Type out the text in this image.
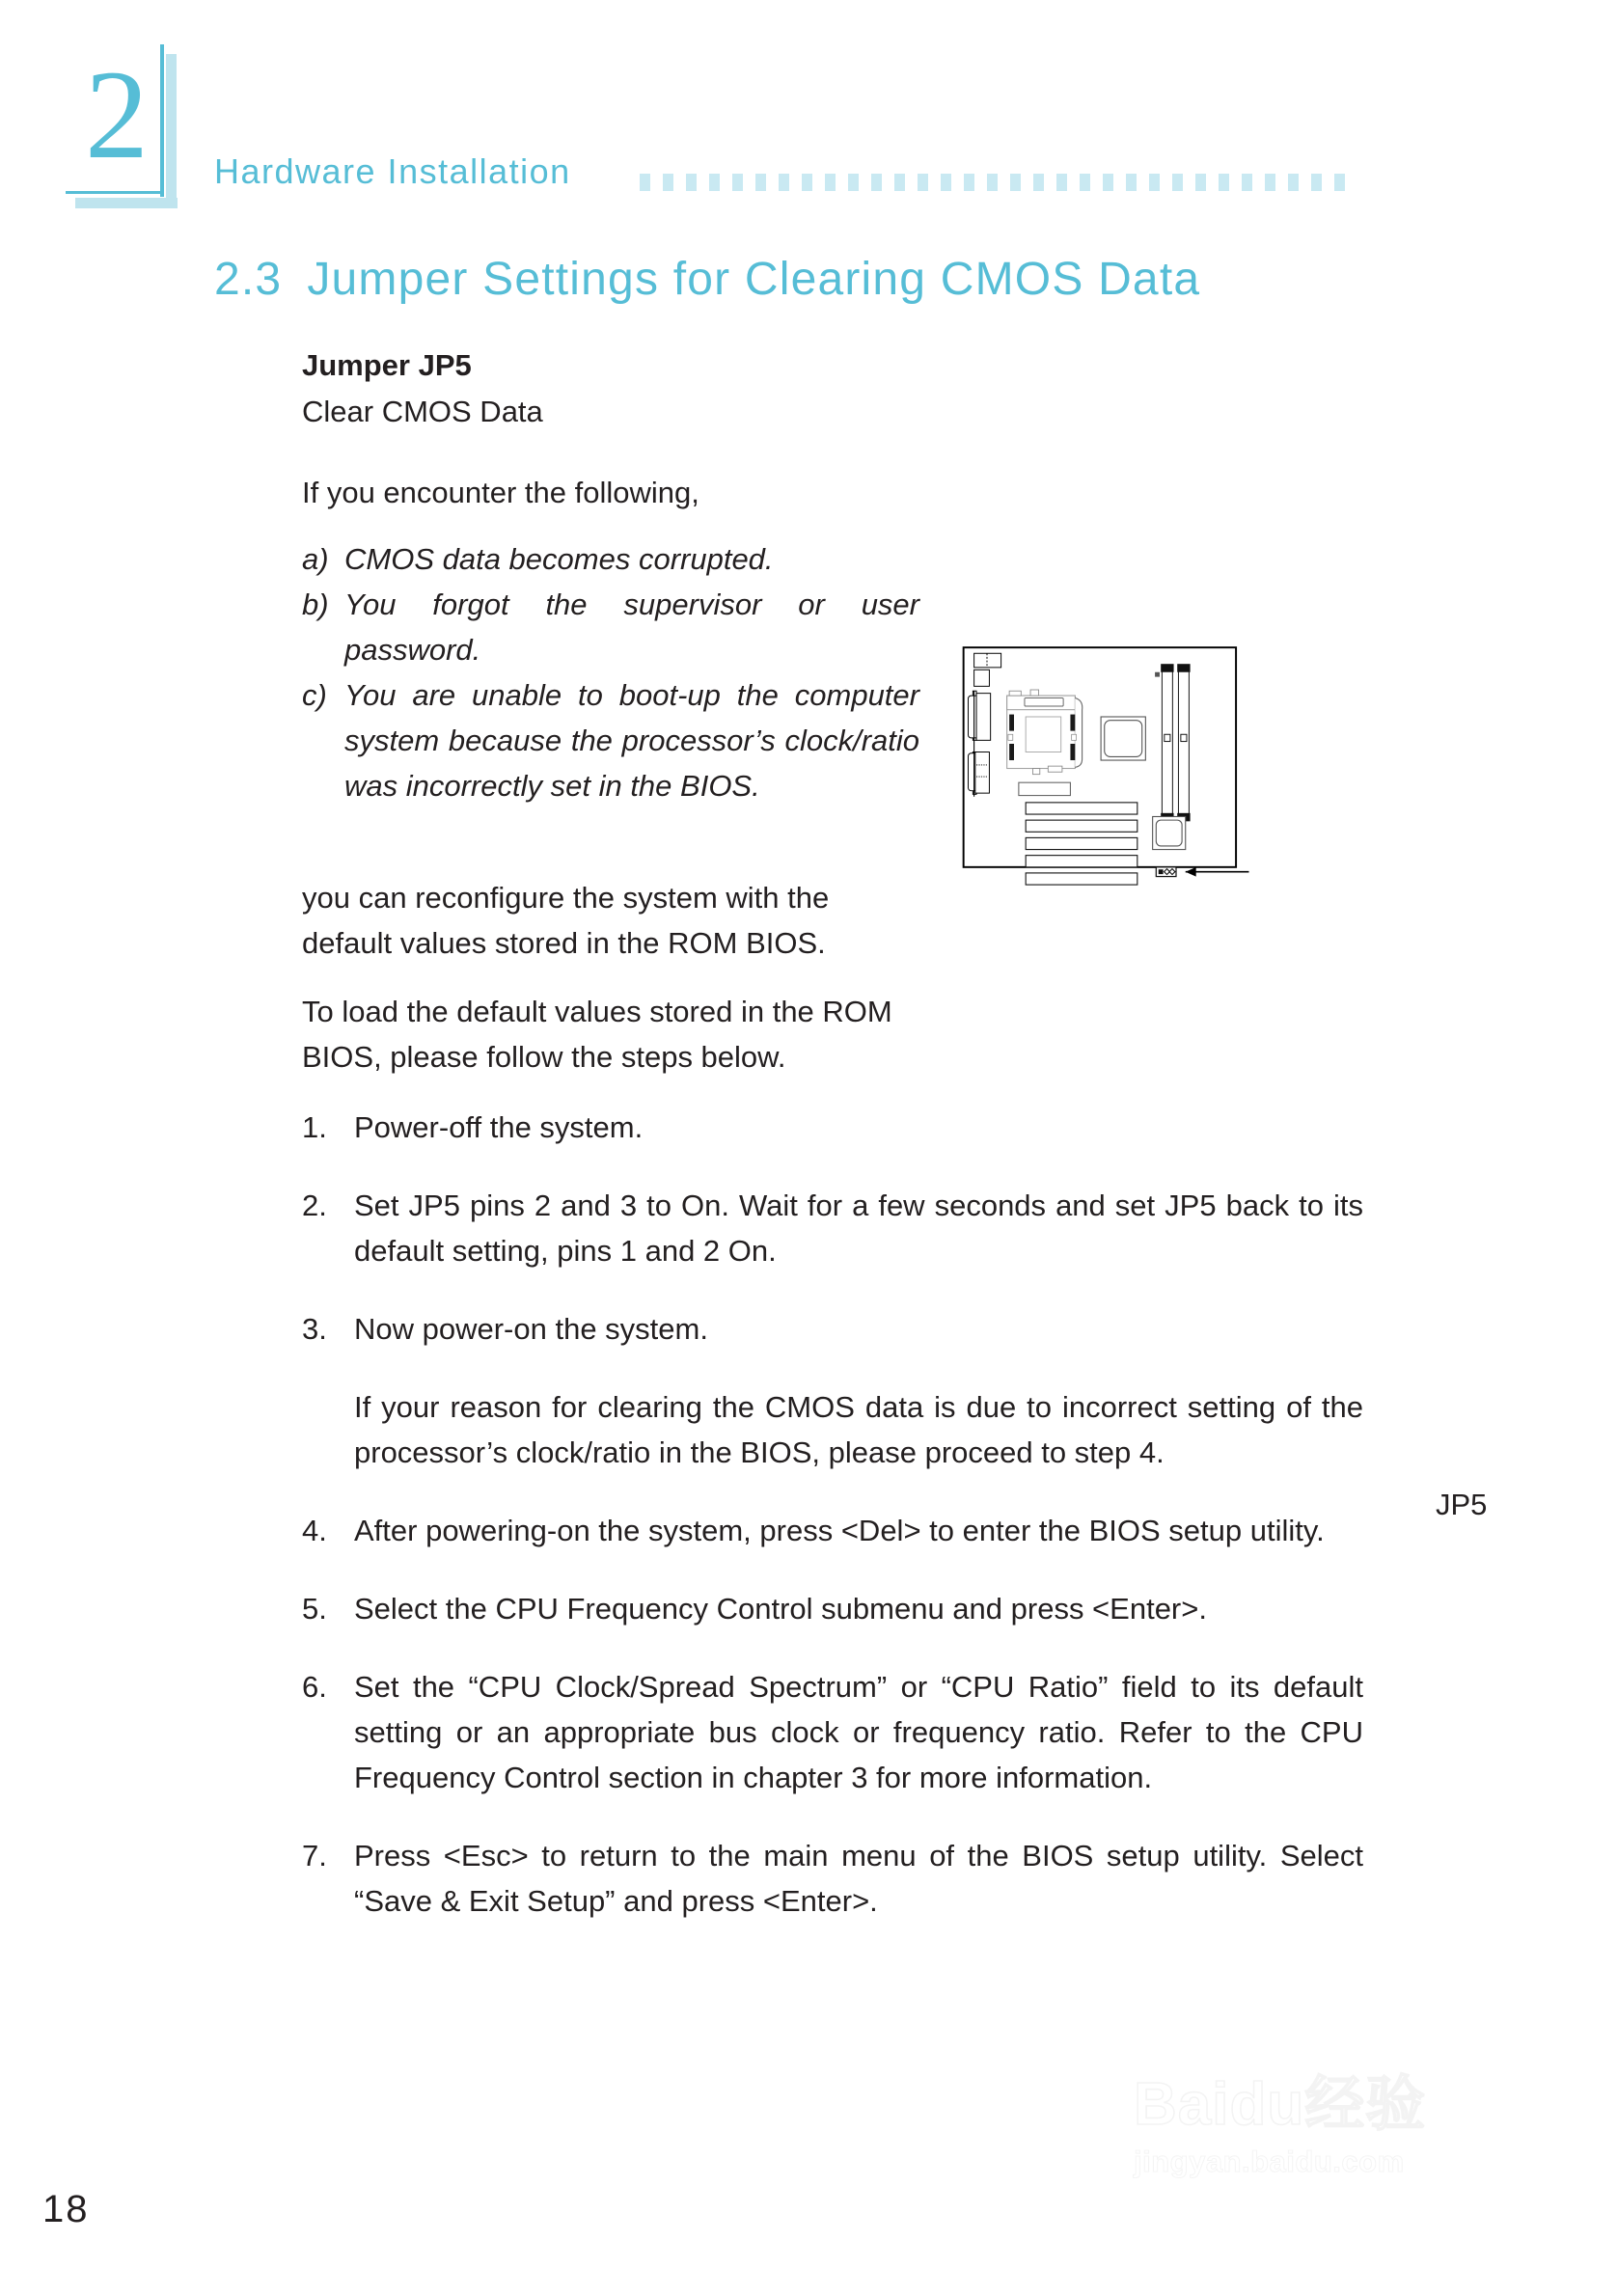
2 Hardware Installation
2.3 Jumper Settings for Clearing CMOS Data
Jumper JP5
Clear CMOS Data
If you encounter the following,
a) CMOS data becomes corrupted.
b) You forgot the supervisor or user password.
c) You are unable to boot-up the computer system because the processor’s clock/ratio was incorrectly set in the BIOS.
you can reconfigure the system with the default values stored in the ROM BIOS.
To load the default values stored in the ROM BIOS, please follow the steps below.
1. Power-off the system.
2. Set JP5 pins 2 and 3 to On. Wait for a few seconds and set JP5 back to its default setting, pins 1 and 2 On.
3. Now power-on the system.
If your reason for clearing the CMOS data is due to incorrect setting of the processor’s clock/ratio in the BIOS, please proceed to step 4.
4. After powering-on the system, press <Del> to enter the BIOS setup utility.
5. Select the CPU Frequency Control submenu and press <Enter>.
6. Set the “CPU Clock/Spread Spectrum” or “CPU Ratio” field to its default setting or an appropriate bus clock or frequency ratio. Refer to the CPU Frequency Control section in chapter 3 for more information.
7. Press <Esc> to return to the main menu of the BIOS setup utility. Select “Save & Exit Setup” and press <Enter>.
JP5
18
Baidu经验
jingyan.baidu.com
